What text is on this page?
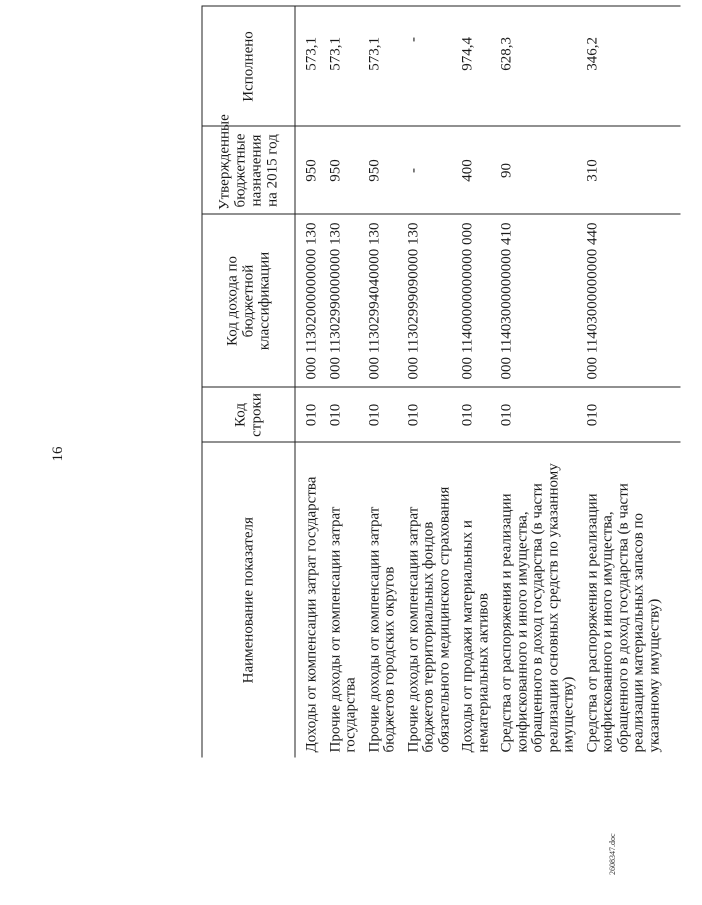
16
Наименование показателя	Код строки	Код дохода по бюджетной классификации	Утвержденные бюджетные назначения на 2015 год	Исполнено
Доходы от компенсации затрат государства	010	000 11302000000000 130	950	573,1
Прочие доходы от компенсации затрат государства	010	000 11302990000000 130	950	573,1
Прочие доходы от компенсации затрат бюджетов городских округов	010	000 11302994040000 130	950	573,1
Прочие доходы от компенсации затрат бюджетов территориальных фондов обязательного медицинского страхования	010	000 11302999090000 130	-	-
Доходы от продажи материальных и нематериальных активов	010	000 11400000000000 000	400	974,4
Средства от распоряжения и реализации конфискованного и иного имущества, обращенного в доход государства (в части реализации основных средств по указанному имуществу)	010	000 11403000000000 410	90	628,3
Средства от распоряжения и реализации конфискованного и иного имущества, обращенного в доход государства (в части реализации материальных запасов по указанному имуществу)	010	000 11403000000000 440	310	346,2
2608347.doc
